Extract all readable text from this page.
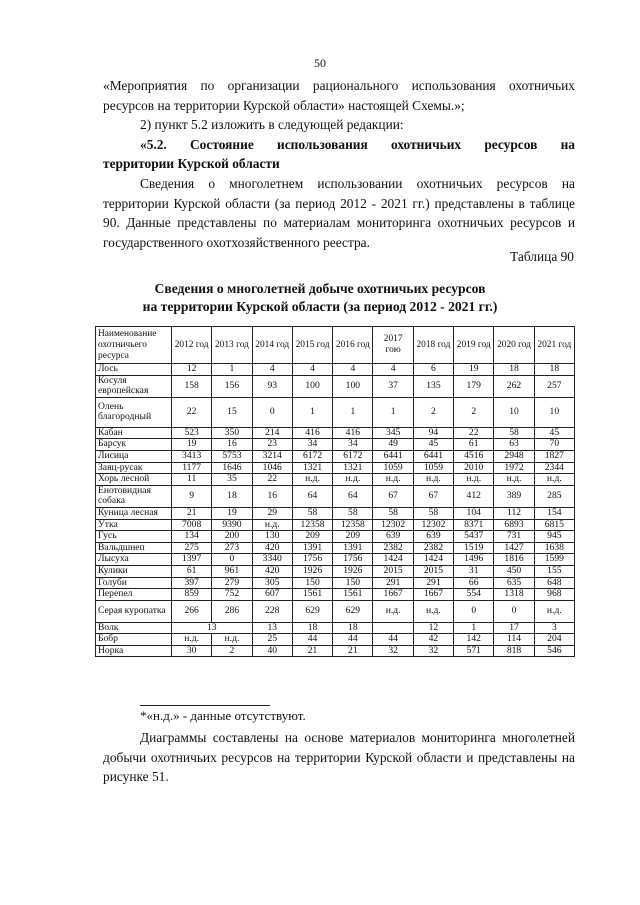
50

«Мероприятия по организации рационального использования охотничьих ресурсов на территории Курской области» настоящей Схемы.»;

2) пункт 5.2 изложить в следующей редакции:

«5.2. Состояние использования охотничьих ресурсов на

территории Курской области

Сведения о многолетнем использовании охотничьих ресурсов на территории Курской области (за период 2012 - 2021 гг.) представлены в таблице 90. Данные представлены по материалам мониторинга охотничьих ресурсов и государственного охотхозяйственного реестра.

Таблица 90
Сведения о многолетней добыче охотничьих ресурсов
на территории Курской области (за период 2012 - 2021 гг.)
Наименование охотничьего ресурса	2012 год	2013 год	2014 год	2015 год	2016 год	2017 гою	2018 год	2019 год	2020 год	2021 год
Лось	12	1	4	4	4	4	6	19	18	18
Косуля европейская	158	156	93	100	100	37	135	179	262	257
Олень благородный	22	15	0	1	1	1	2	2	10	10
Кабан	523	350	214	416	416	345	94	22	58	45
Барсук	19	16	23	34	34	49	45	61	63	70
Лисица	3413	5753	3214	6172	6172	6441	6441	4516	2948	1827
Заяц-русак	1177	1646	1046	1321	1321	1059	1059	2010	1972	2344
Хорь лесной	11	35	22	н.д.	н.д.	н.д.	н.д.	н.д.	н.д.	н.д.
Енотовидная собака	9	18	16	64	64	67	67	412	389	285
Куница лесная	21	19	29	58	58	58	58	104	112	154
Утка	7008	9390	н.д.	12358	12358	12302	12302	8371	6893	6815
Гусь	134	200	130	209	209	639	639	5437	731	945
Вальдшнеп	275	273	420	1391	1391	2382	2382	1519	1427	1638
Лысуха	1397	0	3340	1756	1756	1424	1424	1496	1816	1599
Кулики	61	961	420	1926	1926	2015	2015	31	450	155
Голуби	397	279	305	150	150	291	291	66	635	648
Перепел	859	752	607	1561	1561	1667	1667	554	1318	968
Серая куропатка	266	286	228	629	629	н.д.	н.д.	0	0	н.д.
Волк	13		13	18	18		12	1	17	3
Бобр	н.д.	н.д.	25	44	44	44	42	142	114	204
Норка	30	2	40	21	21	32	32	571	818	546
*«н.д.» - данные отсутствуют.

Диаграммы составлены на основе материалов мониторинга многолетней добычи охотничьих ресурсов на территории Курской области и представлены на рисунке 51.
